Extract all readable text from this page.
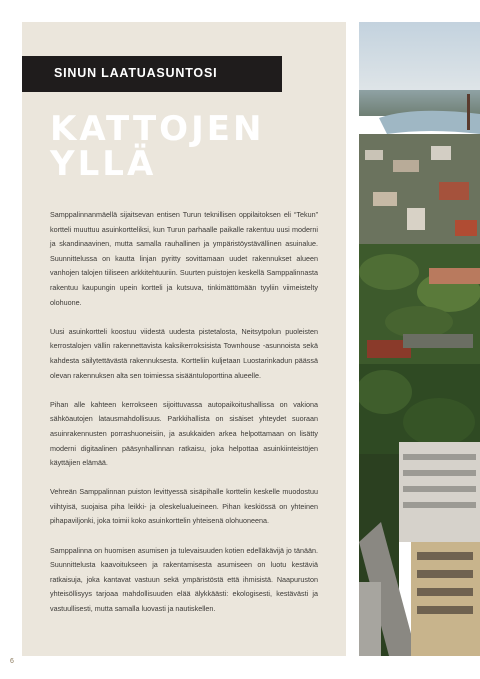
SINUN LAATUASUNTOSI
KATTOJEN
YLLÄ

Samppalinnanmäellä sijaitsevan entisen Turun teknillisen oppilaitoksen eli “Tekun” kortteli muuttuu asuinkortteliksi, kun Turun parhaalle paikalle rakentuu uusi moderni ja skandinaavinen, mutta samalla rauhallinen ja ympäristöystävällinen asuinalue. Suunnittelussa on kautta linjan pyritty sovittamaan uudet rakennukset alueen vanhojen talojen tiiliseen arkkitehtuuriin. Suurten puistojen keskellä Samppalinnasta rakentuu kaupungin upein kortteli ja kutsuva, tinkimättömään tyyliin viimeistelty olohuone.

Uusi asuinkortteli koostuu viidestä uudesta pistetalosta, Neitsytpolun puoleisten kerrostalojen vällin rakennettavista kaksikerroksisista Townhouse -asunnoista sekä kahdesta säilytettävästä rakennuksesta. Kortteliin kuljetaan Luostarinkadun päässä olevan rakennuksen alta sen toimiessa sisääntuloporttina alueelle.

Pihan alle kahteen kerrokseen sijoittuvassa autopaikoitushallissa on vakiona sähköautojen latausmahdollisuus. Parkkihallista on sisäiset yhteydet suoraan asuinrakennusten porrashuoneisiin, ja asukkaiden arkea helpottamaan on lisätty moderni digitaalinen pääsynhallinnan ratkaisu, joka helpottaa asuinkiinteistöjen käyttäjien elämää.

Vehreän Samppalinnan puiston levittyessä sisäpihalle korttelin keskelle muodostuu viihtyisä, suojaisa piha leikki- ja oleskelualueineen. Pihan keskiössä on yhteinen pihapaviljonki, joka toimii koko asuinkorttelin yhteisenä olohuoneena.

Samppalinna on huomisen asumisen ja tulevaisuuden kotien edelläkävijä jo tänään. Suunnittelusta kaavoitukseen ja rakentamisesta asumiseen on luotu kestäviä ratkaisuja, joka kantavat vastuun sekä ympäristöstä että ihmisistä. Naapuruston yhteisöllisyys tarjoaa mahdollisuuden elää älykkäästi: ekologisesti, kestävästi ja vastuullisesti, mutta samalla luovasti ja nautiskellen.

6
